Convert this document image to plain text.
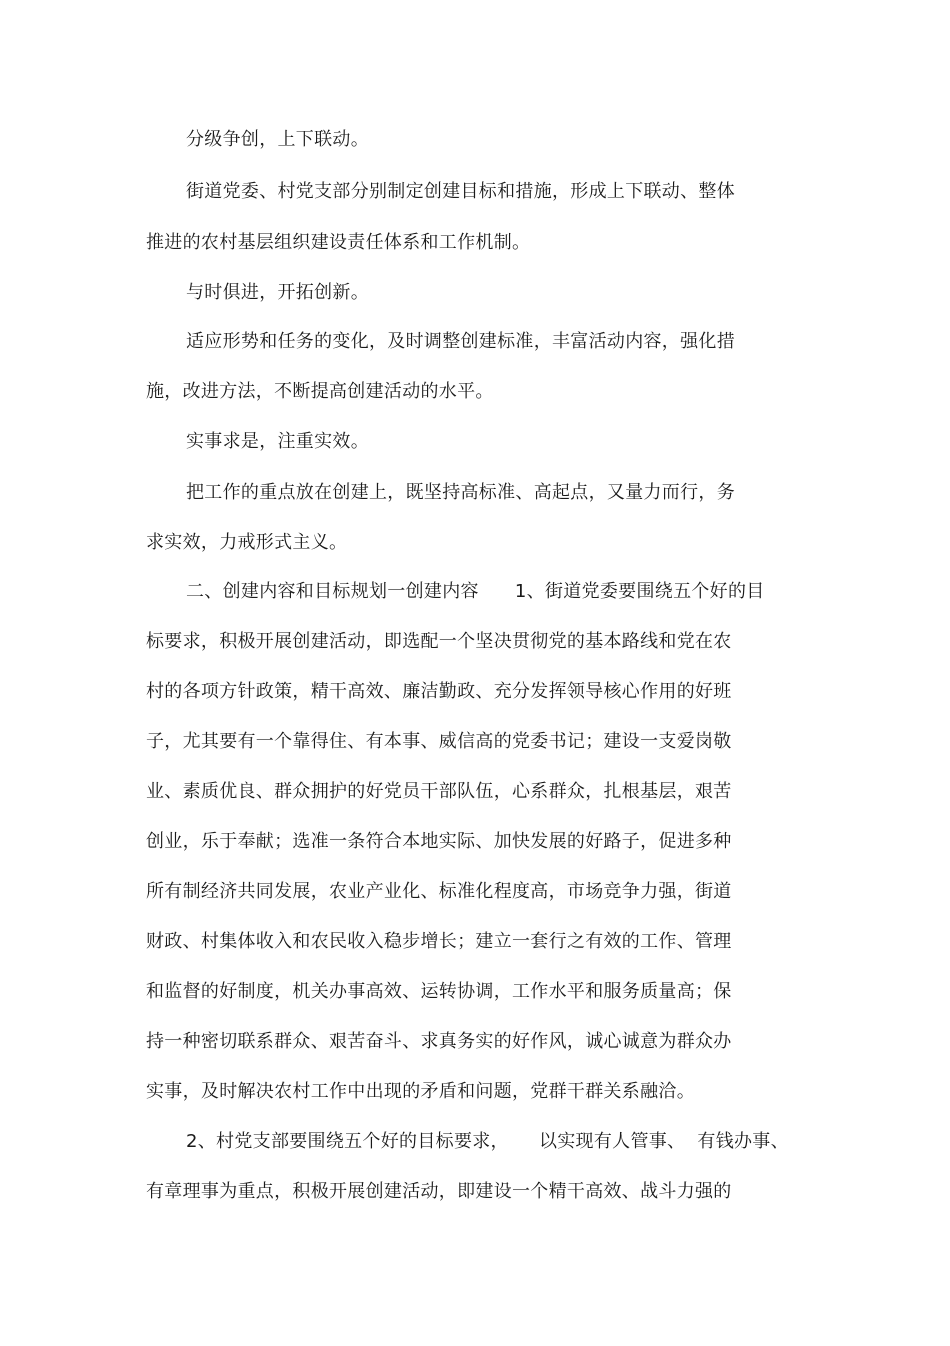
分级争创，上下联动。
街道党委、村党支部分别制定创建目标和措施，形成上下联动、整体
推进的农村基层组织建设责任体系和工作机制。
与时俱进，开拓创新。
适应形势和任务的变化，及时调整创建标准，丰富活动内容，强化措
施，改进方法，不断提高创建活动的水平。
实事求是，注重实效。
把工作的重点放在创建上，既坚持高标准、高起点，又量力而行，务
求实效，力戒形式主义。
二、创建内容和目标规划一创建内容      1、街道党委要围绕五个好的目
标要求，积极开展创建活动，即选配一个坚决贯彻党的基本路线和党在农
村的各项方针政策，精干高效、廉洁勤政、充分发挥领导核心作用的好班
子，尤其要有一个靠得住、有本事、威信高的党委书记；建设一支爱岗敬
业、素质优良、群众拥护的好党员干部队伍，心系群众，扎根基层，艰苦
创业，乐于奉献；选准一条符合本地实际、加快发展的好路子，促进多种
所有制经济共同发展，农业产业化、标准化程度高，市场竞争力强，街道
财政、村集体收入和农民收入稳步增长；建立一套行之有效的工作、管理
和监督的好制度，机关办事高效、运转协调，工作水平和服务质量高；保
持一种密切联系群众、艰苦奋斗、求真务实的好作风，诚心诚意为群众办
实事，及时解决农村工作中出现的矛盾和问题，党群干群关系融洽。
2、村党支部要围绕五个好的目标要求，     以实现有人管事、  有钱办事、
有章理事为重点，积极开展创建活动，即建设一个精干高效、战斗力强的
